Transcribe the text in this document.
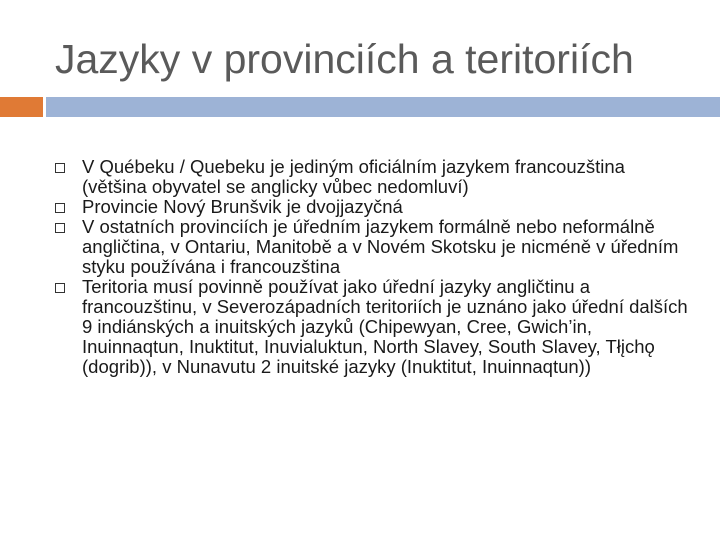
Jazyky v provinciích a teritoriích
V Québeku / Quebeku je jediným oficiálním jazykem francouzština (většina obyvatel se anglicky vůbec nedomluví)
Provincie Nový Brunšvik je dvojjazyčná
V ostatních provinciích je úředním jazykem formálně nebo neformálně angličtina, v Ontariu, Manitobě a v Novém Skotsku je nicméně v úředním styku používána i francouzština
Teritoria musí povinně používat jako úřední jazyky angličtinu a francouzštinu, v Severozápadních teritoriích je uznáno jako úřední dalších 9 indiánských a inuitských jazyků (Chipewyan, Cree, Gwich’in, Inuinnaqtun, Inuktitut, Inuvialuktun, North Slavey, South Slavey, Tłįchǫ (dogrib)), v Nunavutu 2 inuitské jazyky (Inuktitut, Inuinnaqtun))
